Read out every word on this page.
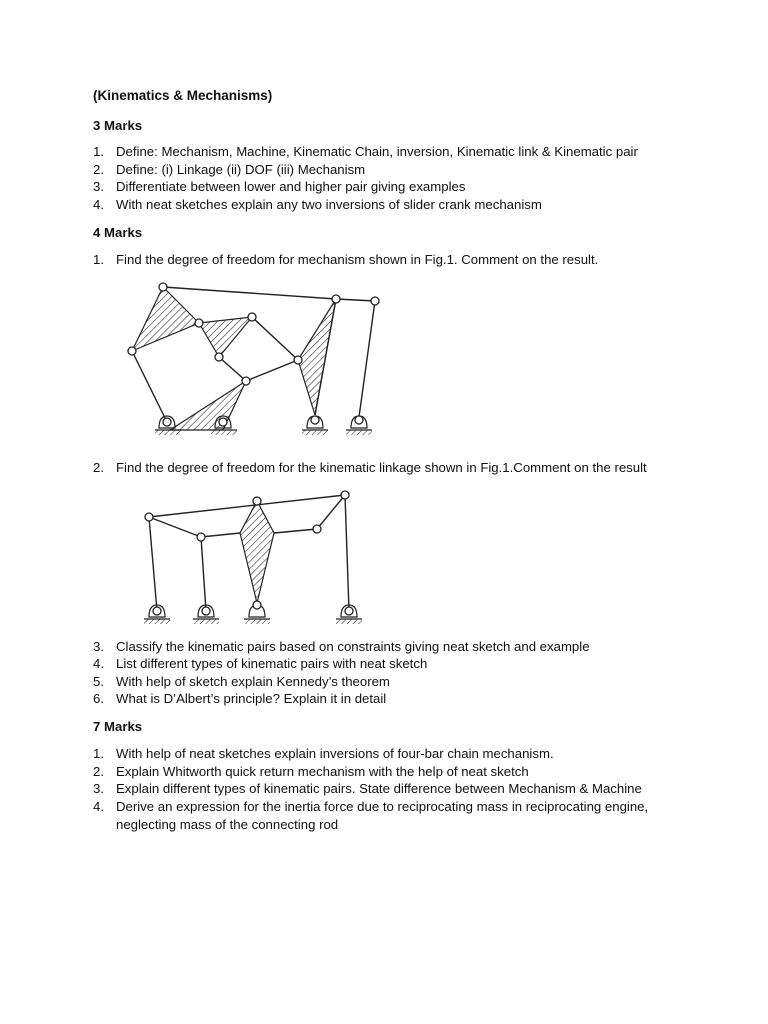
(Kinematics & Mechanisms)
3 Marks
1. Define: Mechanism, Machine, Kinematic Chain, inversion, Kinematic link & Kinematic pair
2. Define: (i) Linkage (ii) DOF (iii) Mechanism
3. Differentiate between lower and higher pair giving examples
4. With neat sketches explain any two inversions of slider crank mechanism
4 Marks
1. Find the degree of freedom for mechanism shown in Fig.1. Comment on the result.
2. Find the degree of freedom for the kinematic linkage shown in Fig.1.Comment on the result
3. Classify the kinematic pairs based on constraints giving neat sketch and example
4. List different types of kinematic pairs with neat sketch
5. With help of sketch explain Kennedy’s theorem
6. What is D’Albert’s principle? Explain it in detail
7 Marks
1. With help of neat sketches explain inversions of four-bar chain mechanism.
2. Explain Whitworth quick return mechanism with the help of neat sketch
3. Explain different types of kinematic pairs. State difference between Mechanism & Machine
4. Derive an expression for the inertia force due to reciprocating mass in reciprocating engine, neglecting mass of the connecting rod
